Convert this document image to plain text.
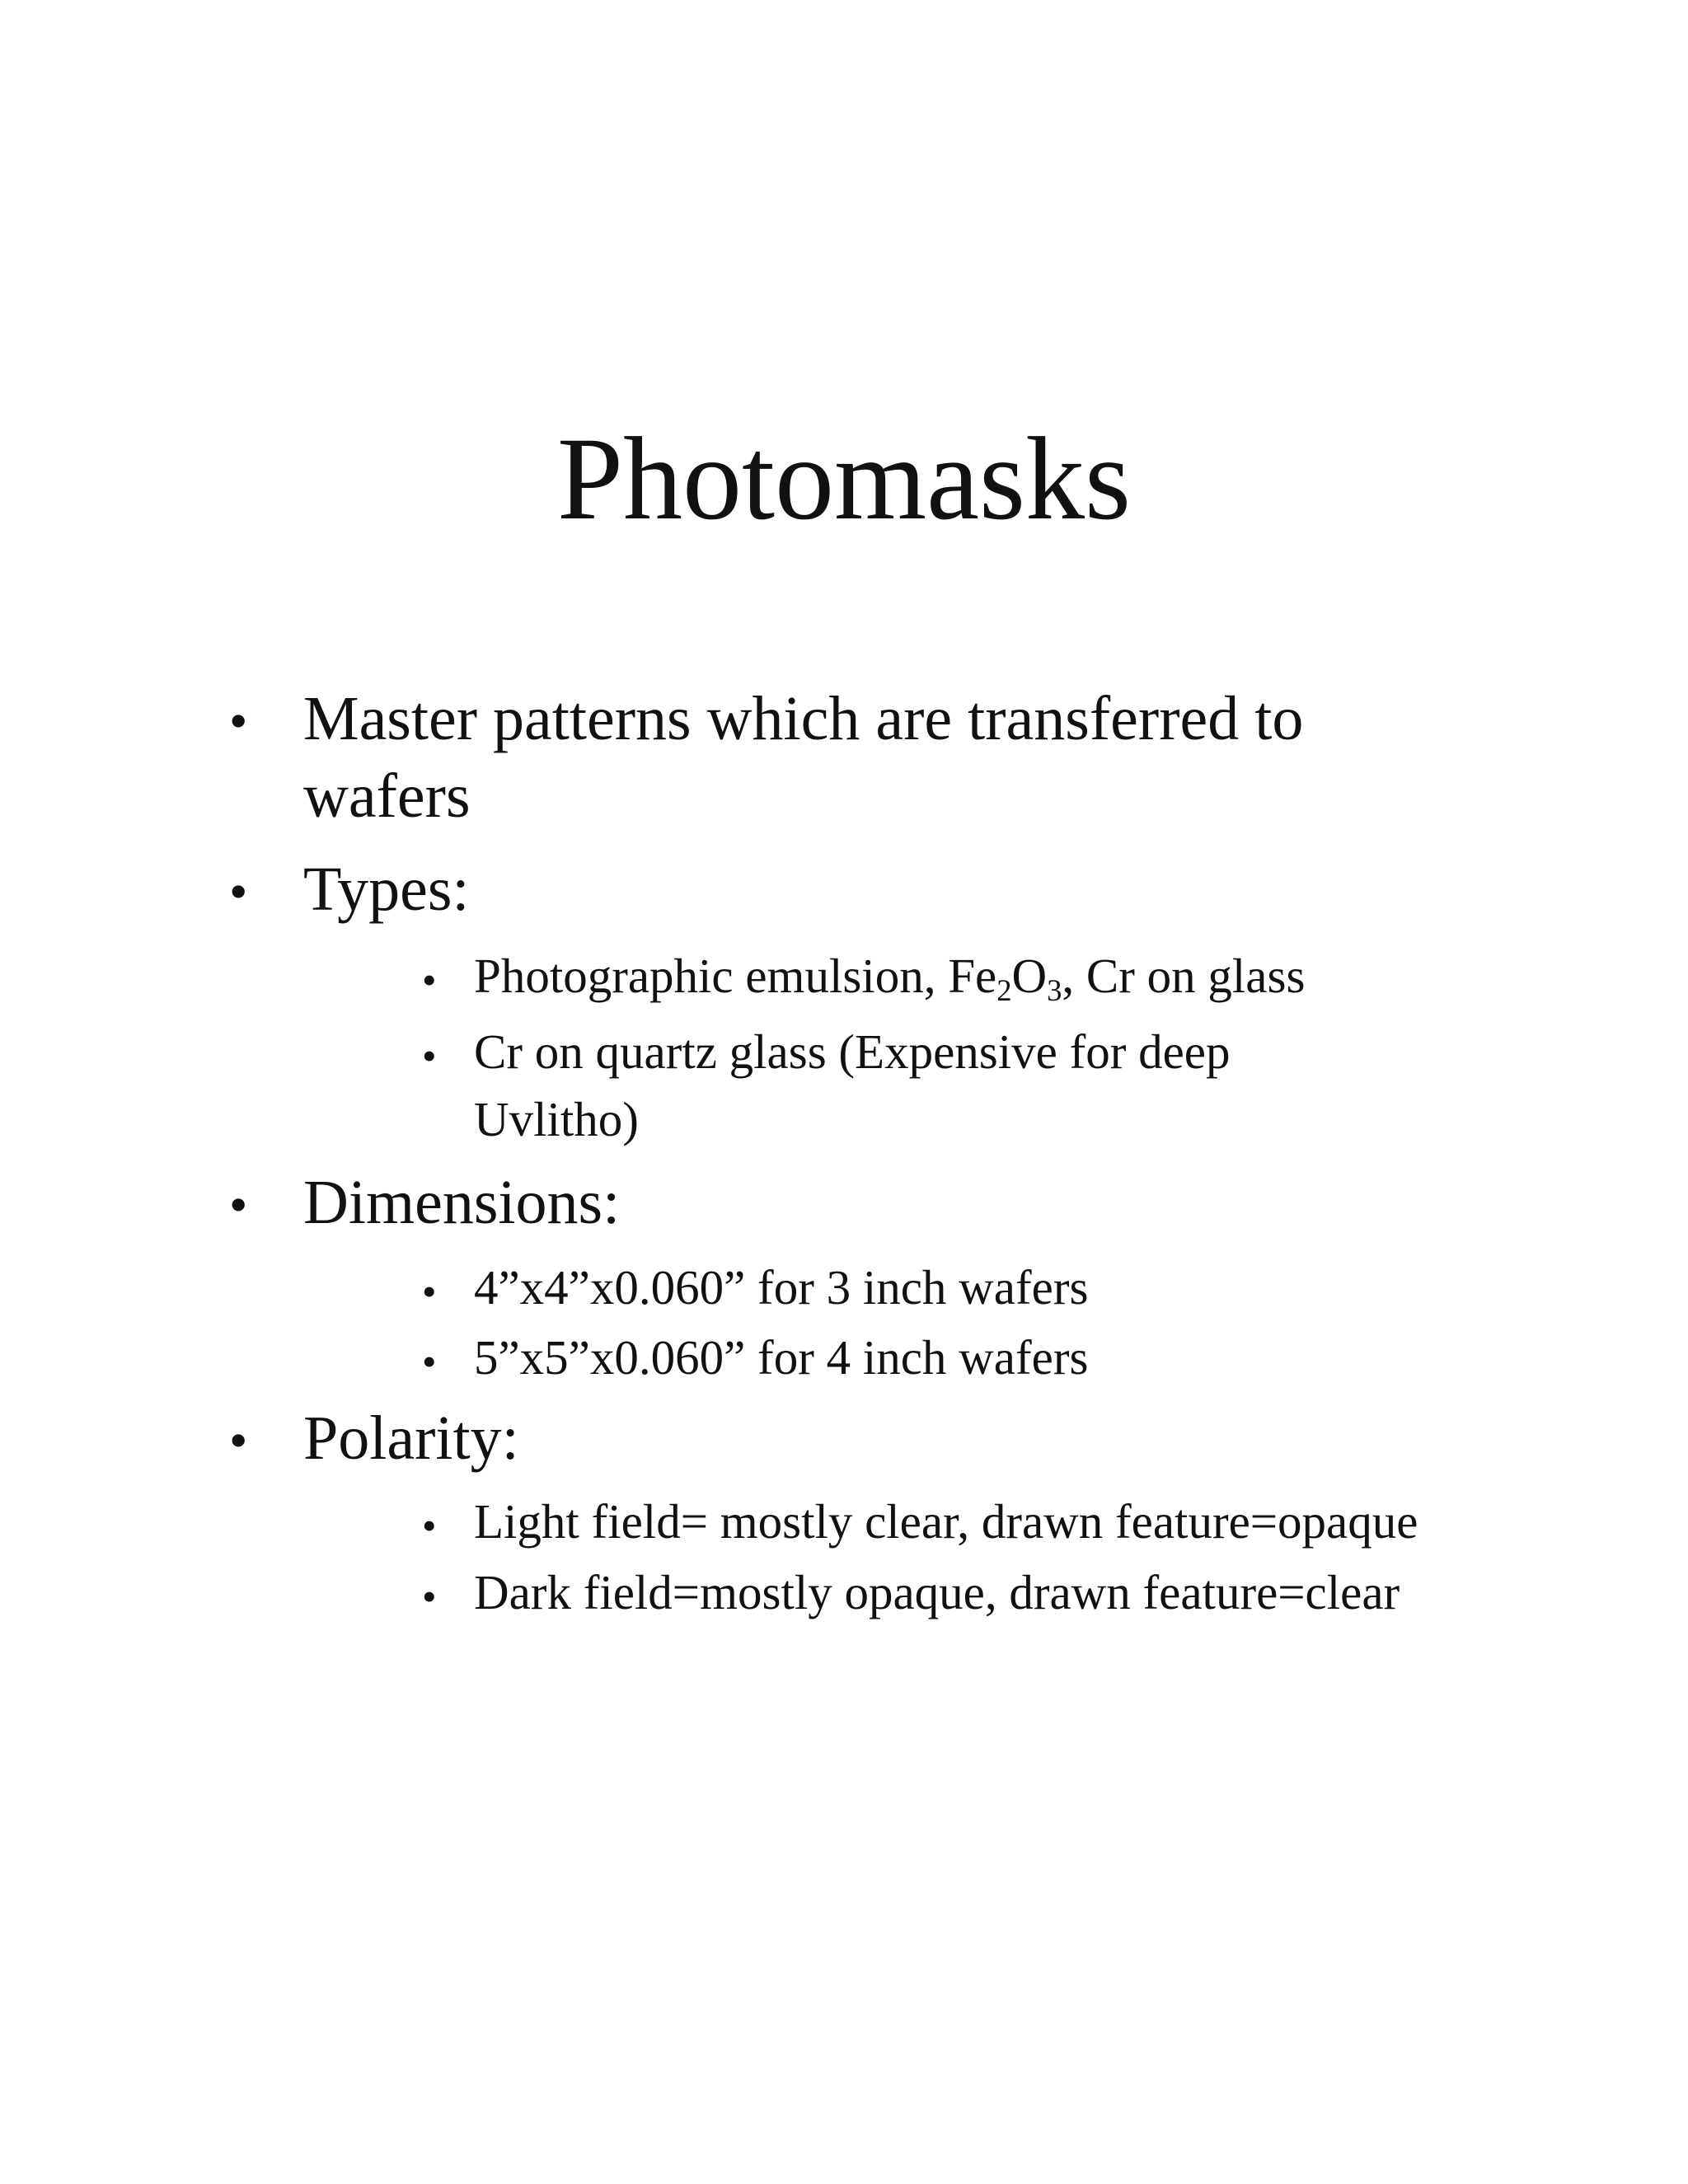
Photomasks
• Master patterns which are transferred to
wafers
• Types:
• Photographic emulsion, $Fe_2O_3$, Cr on glass
• Cr on quartz glass (Expensive for deep
Uvlitho)
• Dimensions:
• 4”x4”x0.060” for 3 inch wafers
• 5”x5”x0.060” for 4 inch wafers
• Polarity:
• Light field= mostly clear, drawn feature=opaque
• Dark field=mostly opaque, drawn feature=clear
